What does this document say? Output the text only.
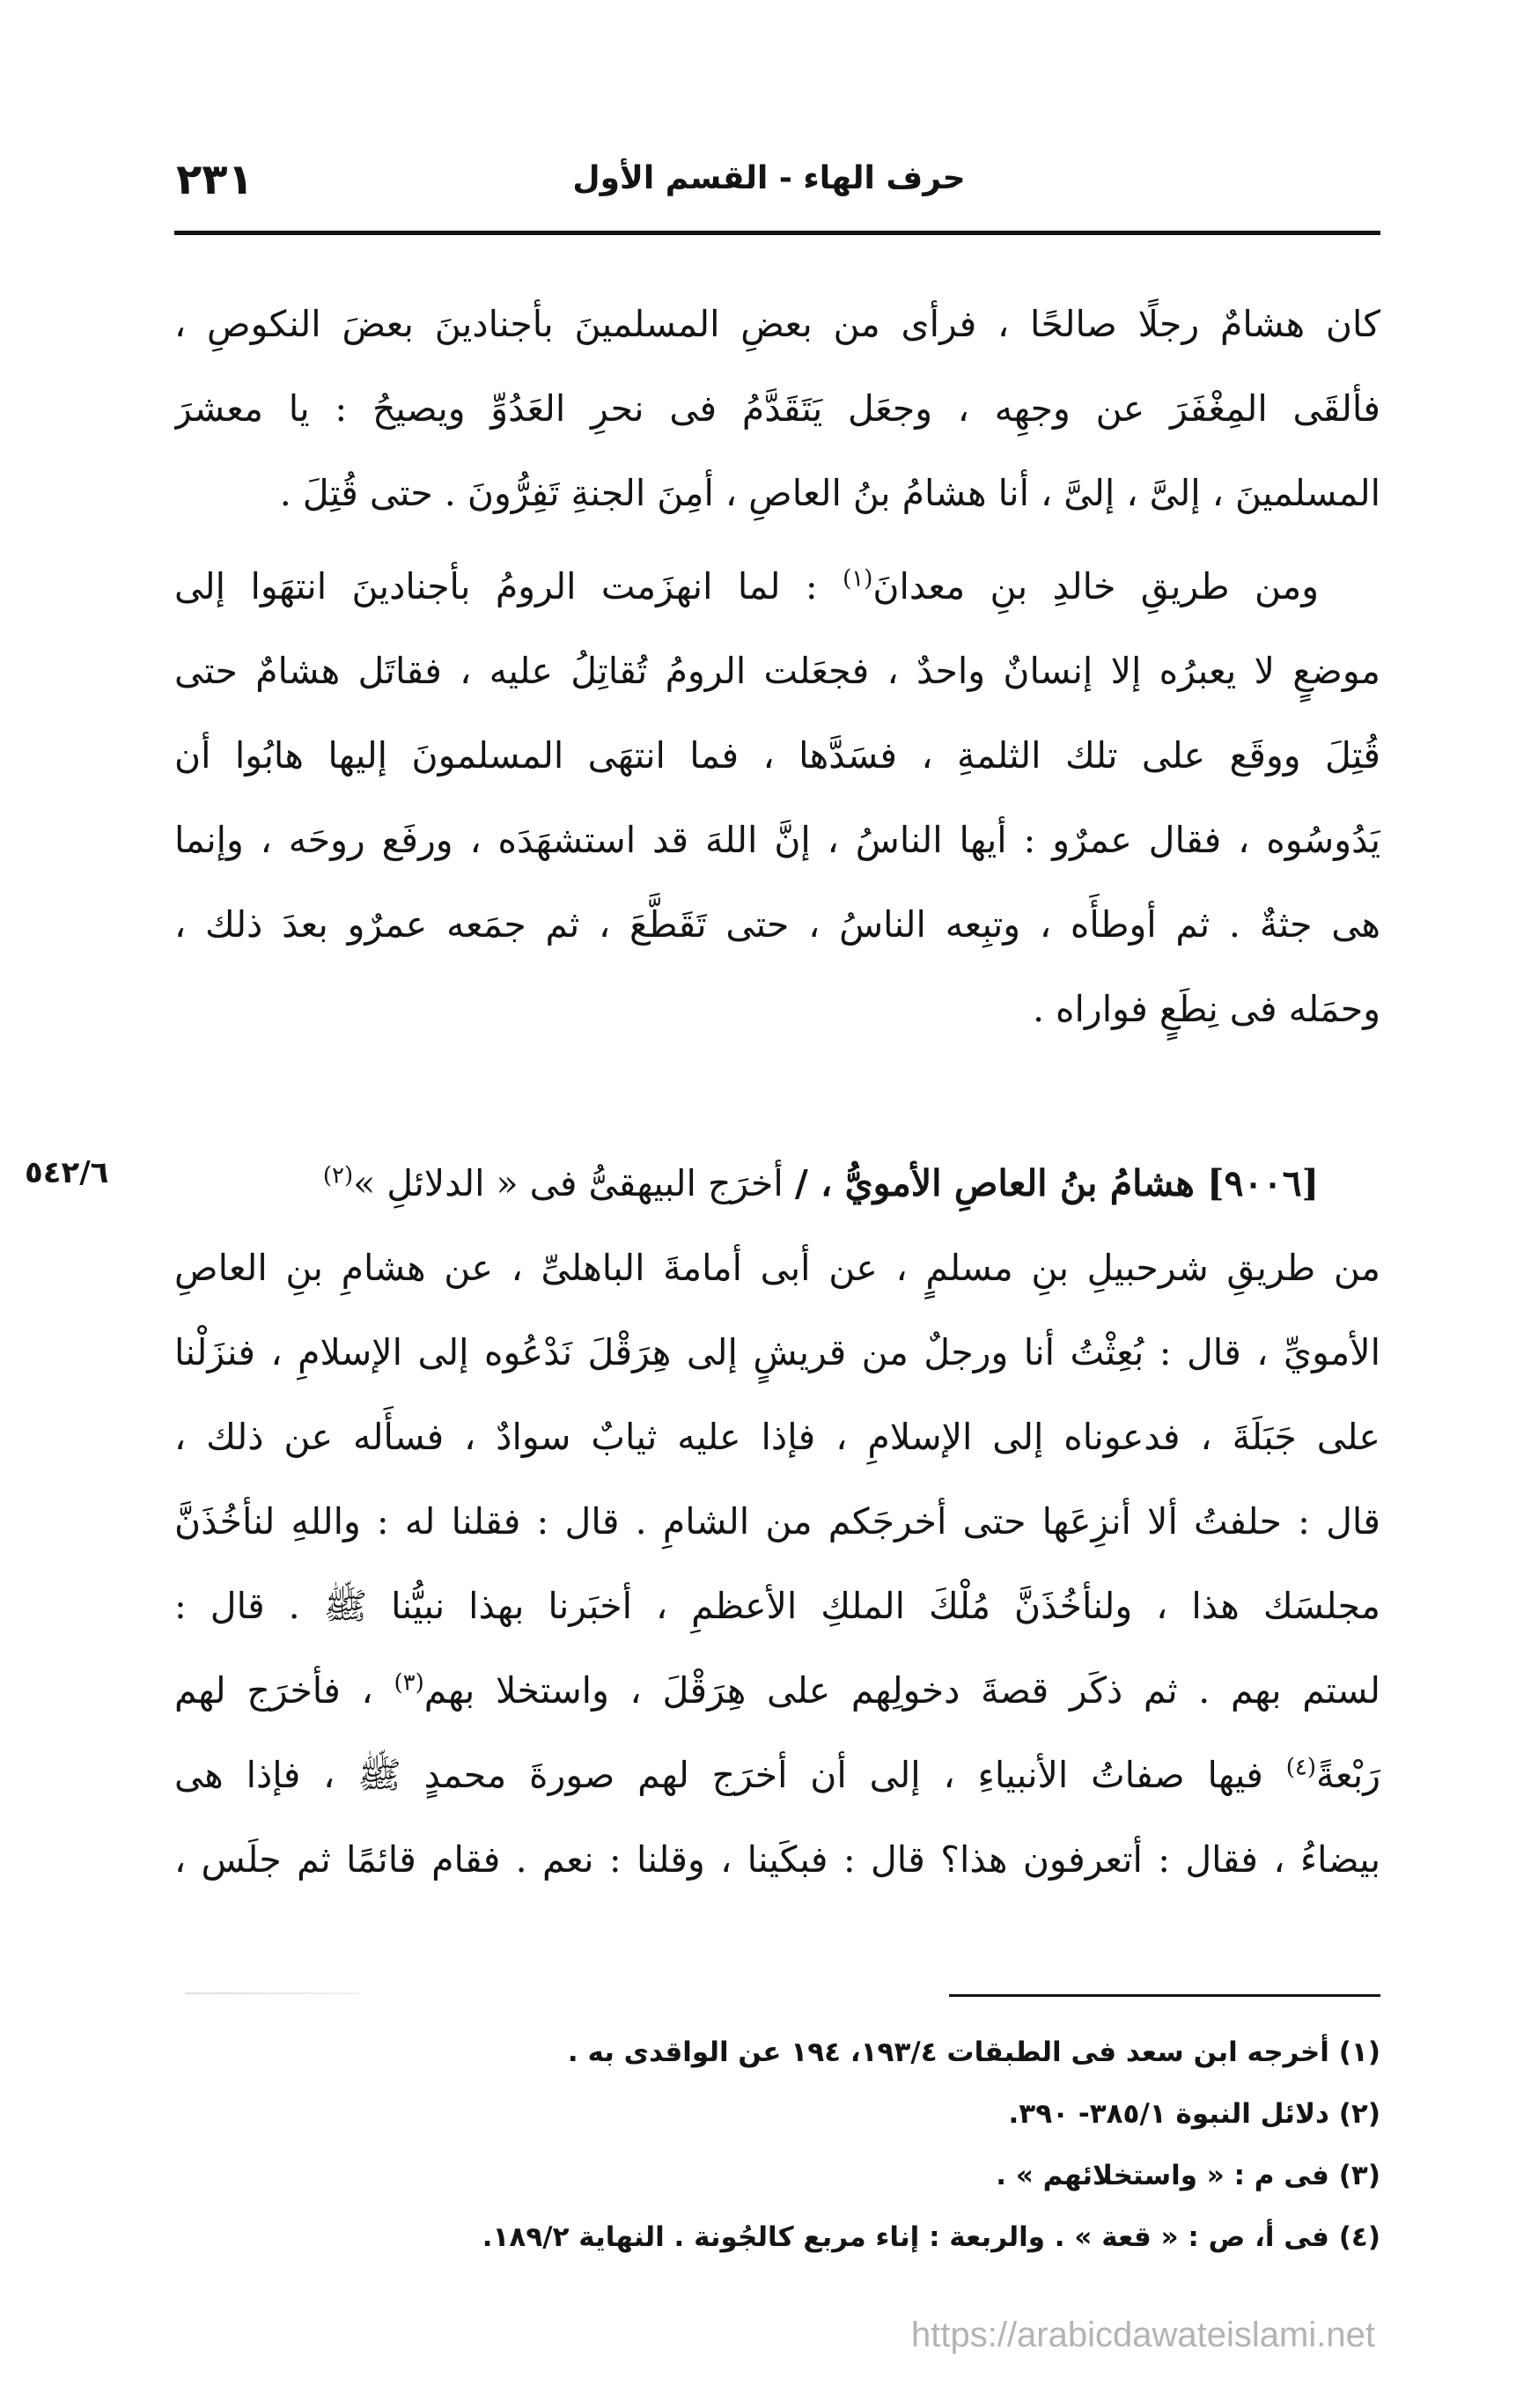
حرف الهاء - القسم الأول
٢٣١
كان هشامٌ رجلًا صالحًا ، فرأى من بعضِ المسلمينَ بأجنادينَ بعضَ النكوصِ ،
فألقَى المِغْفَرَ عن وجهِه ، وجعَل يَتَقَدَّمُ فى نحرِ العَدُوِّ ويصيحُ : يا معشرَ
المسلمينَ ، إلىَّ ، إلىَّ ، أنا هشامُ بنُ العاصِ ، أمِنَ الجنةِ تَفِرُّونَ . حتى قُتِلَ .
ومن طريقِ خالدِ بنِ معدانَ$^{(١)}$ : لما انهزَمت الرومُ بأجنادينَ انتهَوا إلى
موضعٍ لا يعبرُه إلا إنسانٌ واحدٌ ، فجعَلت الرومُ تُقاتِلُ عليه ، فقاتَل هشامٌ حتى
قُتِلَ ووقَع على تلك الثلمةِ ، فسَدَّها ، فما انتهَى المسلمونَ إليها هابُوا أن
يَدُوسُوه ، فقال عمرٌو : أيها الناسُ ، إنَّ اللهَ قد استشهَدَه ، ورفَع روحَه ، وإنما
هى جثةٌ . ثم أوطأَه ، وتبِعه الناسُ ، حتى تَقَطَّعَ ، ثم جمَعه عمرٌو بعدَ ذلك ،
وحمَله فى نِطَعٍ فواراه .
[٩٠٠٦] هشامُ بنُ العاصِ الأمويُّ ، / أخرَج البيهقىُّ فى « الدلائلِ »$^{(٢)}$
٥٤٢/٦
من طريقِ شرحبيلِ بنِ مسلمٍ ، عن أبى أمامةَ الباهلىِّ ، عن هشامِ بنِ العاصِ
الأمويِّ ، قال : بُعِثْتُ أنا ورجلٌ من قريشٍ إلى هِرَقْلَ نَدْعُوه إلى الإسلامِ ، فنزَلْنا
على جَبَلَةَ ، فدعوناه إلى الإسلامِ ، فإذا عليه ثيابٌ سوادٌ ، فسأَله عن ذلك ،
قال : حلفتُ ألا أنزِعَها حتى أخرجَكم من الشامِ . قال : فقلنا له : واللهِ لنأخُذَنَّ
مجلسَك هذا ، ولنأخُذَنَّ مُلْكَ الملكِ الأعظمِ ، أخبَرنا بهذا نبيُّنا ﷺ . قال :
لستم بهم . ثم ذكَر قصةَ دخولِهم على هِرَقْلَ ، واستخلا بهم$^{(٣)}$ ، فأخرَج لهم
رَبْعةً$^{(٤)}$ فيها صفاتُ الأنبياءِ ، إلى أن أخرَج لهم صورةَ محمدٍ ﷺ ، فإذا هى
بيضاءُ ، فقال : أتعرفون هذا؟ قال : فبكَينا ، وقلنا : نعم . فقام قائمًا ثم جلَس ،
(١) أخرجه ابن سعد فى الطبقات ١٩٣/٤، ١٩٤ عن الواقدى به .
(٢) دلائل النبوة ٣٨٥/١- ٣٩٠.
(٣) فى م : « واستخلائهم » .
(٤) فى أ، ص : « قعة » . والربعة : إناء مربع كالجُونة . النهاية ١٨٩/٢.
https://arabicdawateislami.net
